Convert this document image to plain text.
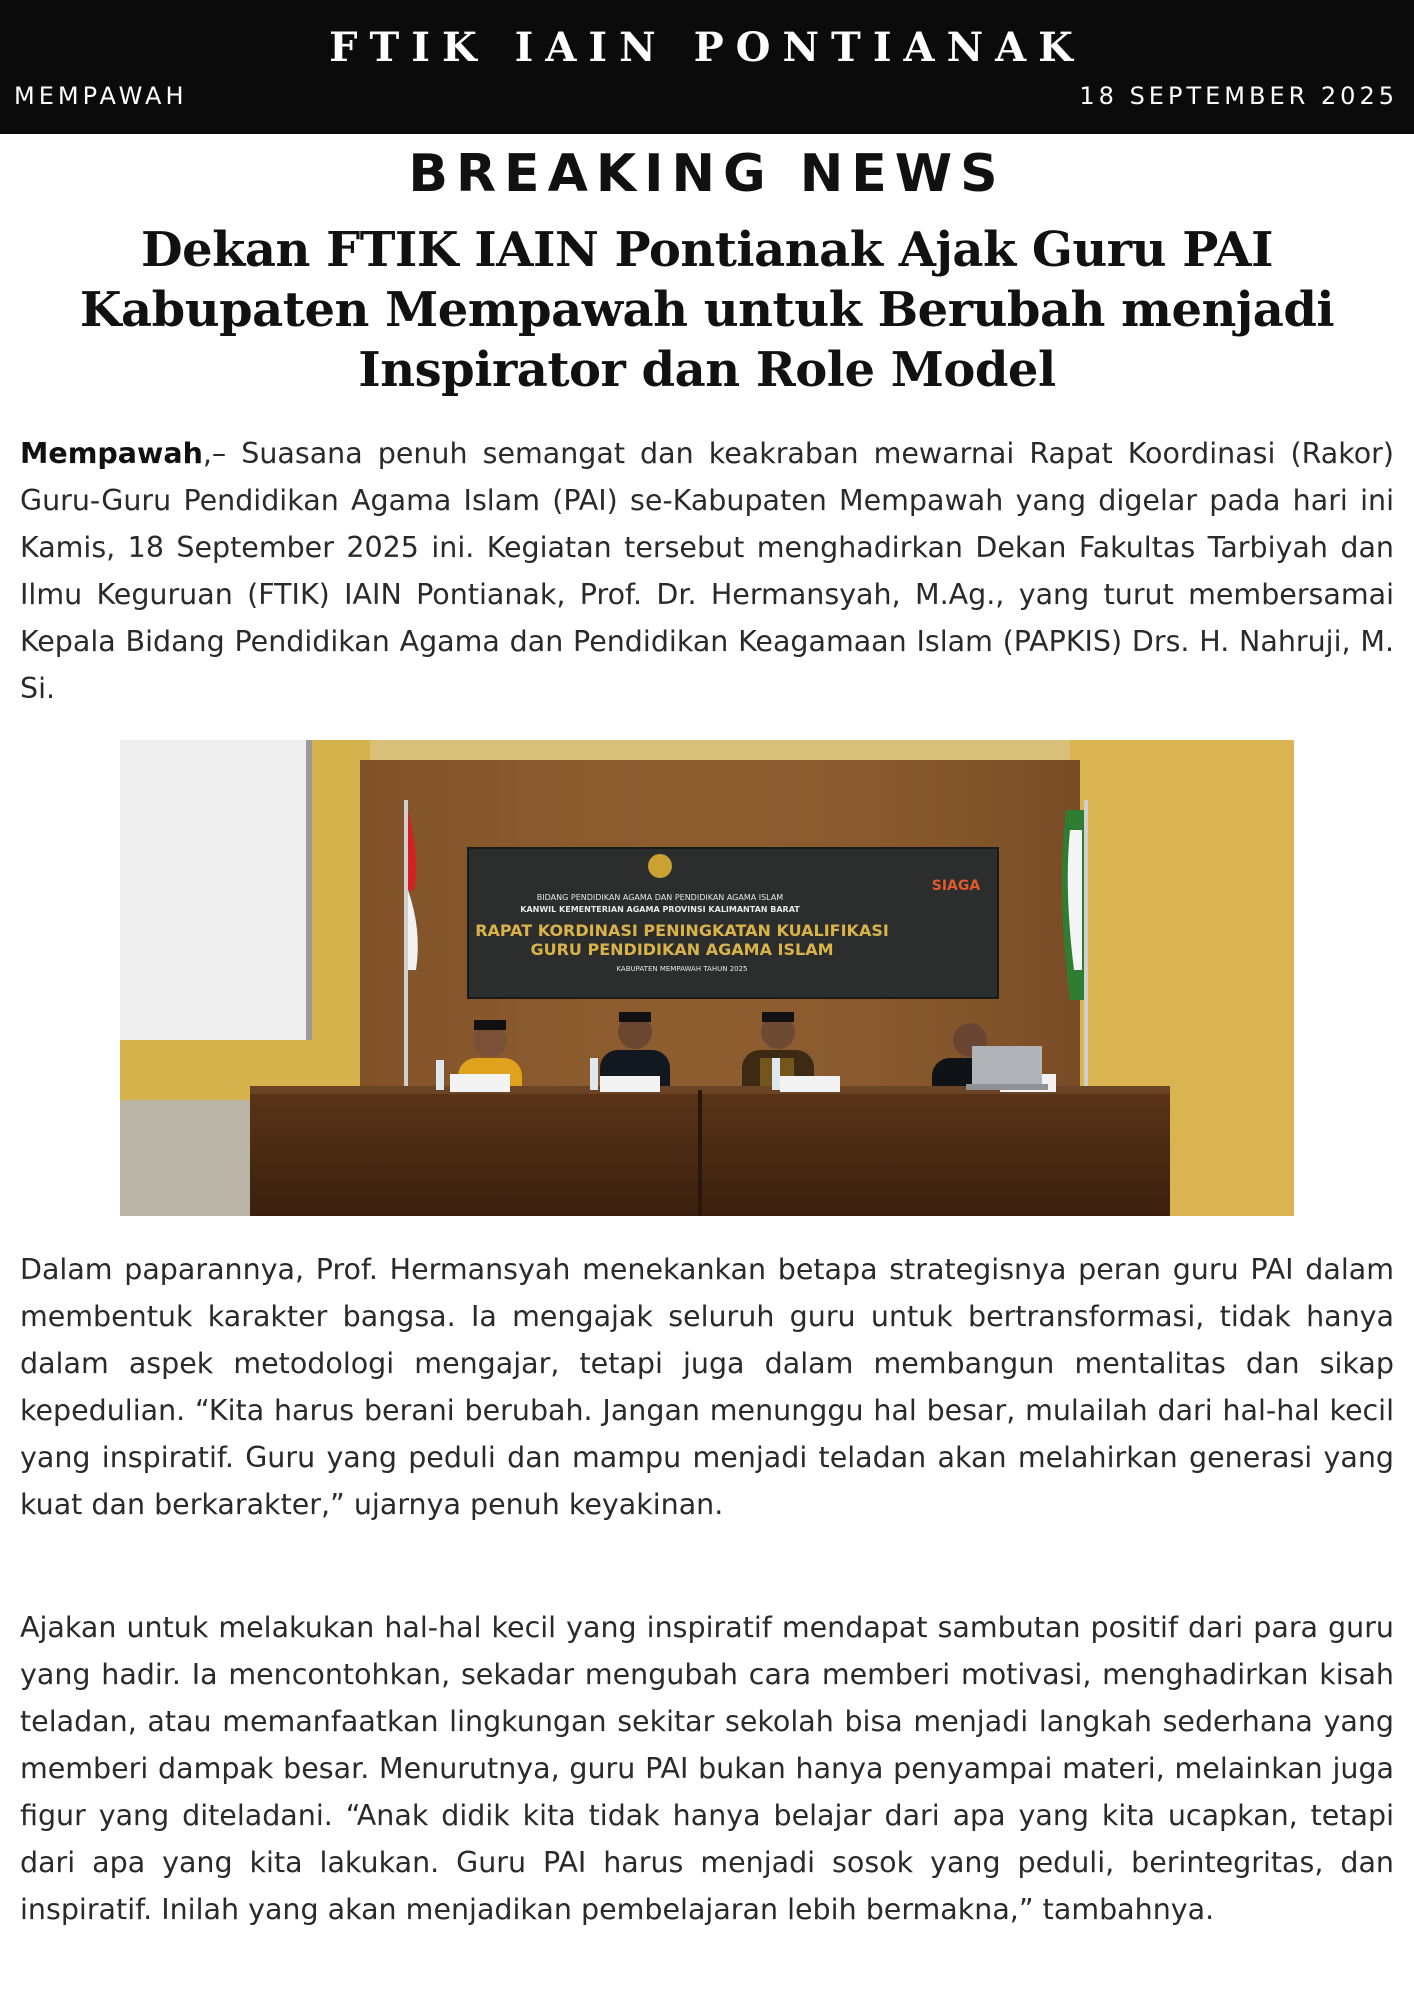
FTIK IAIN PONTIANAK
MEMPAWAH	18 SEPTEMBER 2025
BREAKING NEWS
Dekan FTIK IAIN Pontianak Ajak Guru PAI Kabupaten Mempawah untuk Berubah menjadi Inspirator dan Role Model

Mempawah,– Suasana penuh semangat dan keakraban mewarnai Rapat Koordinasi (Rakor) Guru-Guru Pendidikan Agama Islam (PAI) se-Kabupaten Mempawah yang digelar pada hari ini Kamis, 18 September 2025 ini. Kegiatan tersebut menghadirkan Dekan Fakultas Tarbiyah dan Ilmu Keguruan (FTIK) IAIN Pontianak, Prof. Dr. Hermansyah, M.Ag., yang turut membersamai Kepala Bidang Pendidikan Agama dan Pendidikan Keagamaan Islam (PAPKIS) Drs. H. Nahruji, M. Si.

BIDANG PENDIDIKAN AGAMA DAN PENDIDIKAN AGAMA ISLAM
KANWIL KEMENTERIAN AGAMA PROVINSI KALIMANTAN BARAT
RAPAT KORDINASI PENINGKATAN KUALIFIKASI
GURU PENDIDIKAN AGAMA ISLAM
KABUPATEN MEMPAWAH TAHUN 2025
SIAGA

Dalam paparannya, Prof. Hermansyah menekankan betapa strategisnya peran guru PAI dalam membentuk karakter bangsa. Ia mengajak seluruh guru untuk bertransformasi, tidak hanya dalam aspek metodologi mengajar, tetapi juga dalam membangun mentalitas dan sikap kepedulian. “Kita harus berani berubah. Jangan menunggu hal besar, mulailah dari hal-hal kecil yang inspiratif. Guru yang peduli dan mampu menjadi teladan akan melahirkan generasi yang kuat dan berkarakter,” ujarnya penuh keyakinan.

Ajakan untuk melakukan hal-hal kecil yang inspiratif mendapat sambutan positif dari para guru yang hadir. Ia mencontohkan, sekadar mengubah cara memberi motivasi, menghadirkan kisah teladan, atau memanfaatkan lingkungan sekitar sekolah bisa menjadi langkah sederhana yang memberi dampak besar. Menurutnya, guru PAI bukan hanya penyampai materi, melainkan juga figur yang diteladani. “Anak didik kita tidak hanya belajar dari apa yang kita ucapkan, tetapi dari apa yang kita lakukan. Guru PAI harus menjadi sosok yang peduli, berintegritas, dan inspiratif. Inilah yang akan menjadikan pembelajaran lebih bermakna,” tambahnya.
